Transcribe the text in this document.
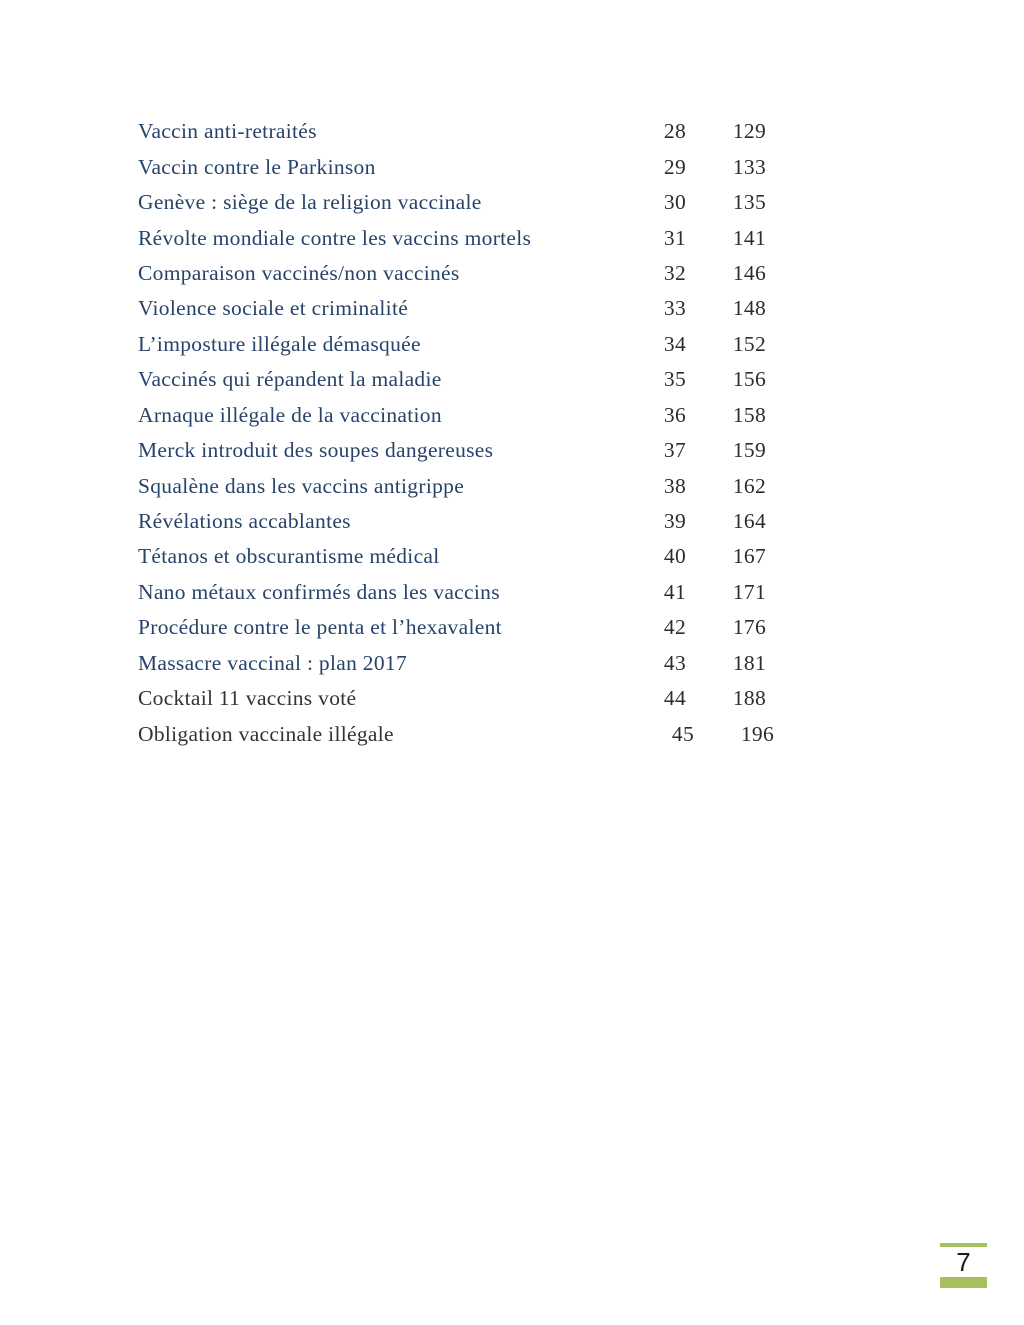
Vaccin anti-retraités	28	129
Vaccin contre le Parkinson	29	133
Genève : siège de la religion vaccinale	30	135
Révolte mondiale contre les vaccins mortels	31	141
Comparaison vaccinés/non vaccinés	32	146
Violence sociale et criminalité	33	148
L’imposture illégale démasquée	34	152
Vaccinés qui répandent la maladie	35	156
Arnaque illégale de la vaccination	36	158
Merck introduit des soupes dangereuses	37	159
Squalène dans les vaccins antigrippe	38	162
Révélations accablantes	39	164
Tétanos et obscurantisme médical	40	167
Nano métaux confirmés dans les vaccins	41	171
Procédure contre le penta et l’hexavalent	42	176
Massacre vaccinal : plan 2017	43	181
Cocktail 11 vaccins voté	44	188
Obligation vaccinale illégale	45	196
7
